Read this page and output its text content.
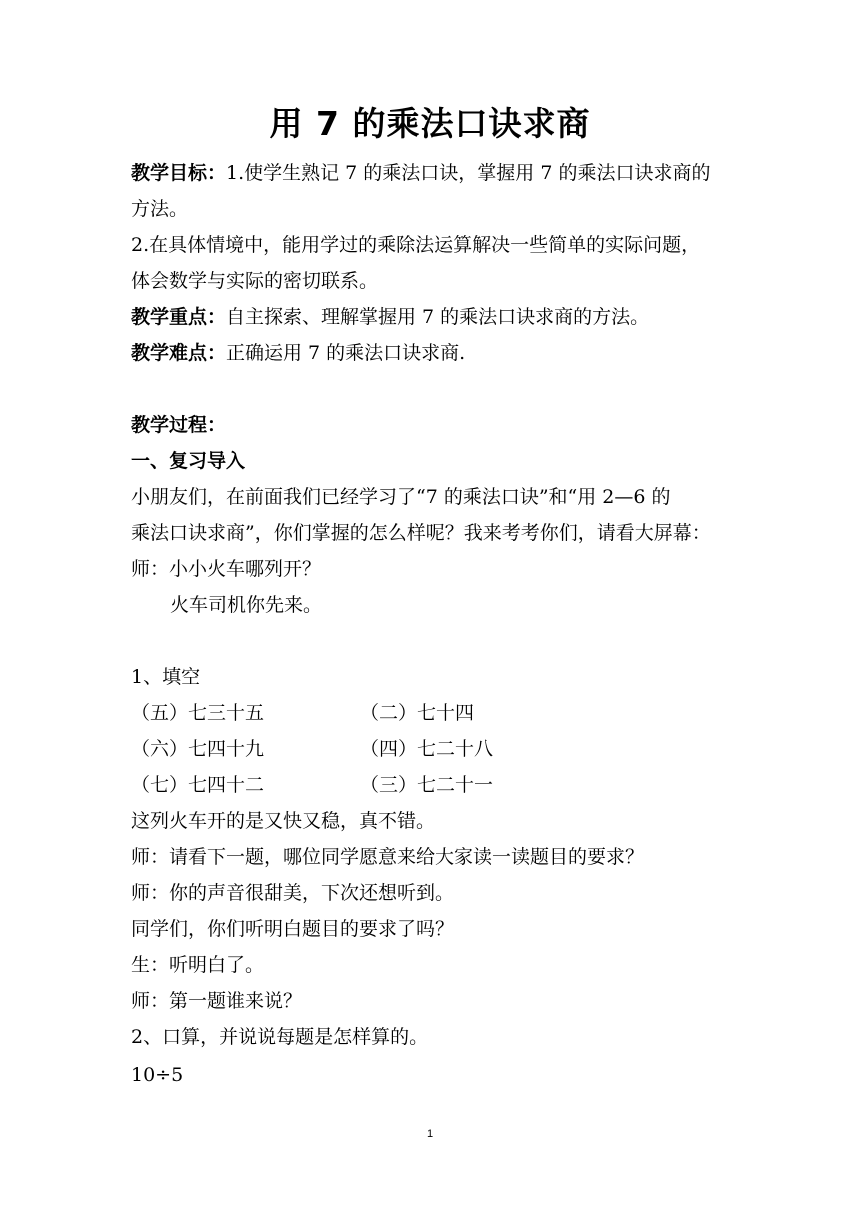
用 7 的乘法口诀求商
教学目标：1.使学生熟记 7 的乘法口诀，掌握用 7 的乘法口诀求商的
方法。
2.在具体情境中，能用学过的乘除法运算解决一些简单的实际问题，
体会数学与实际的密切联系。
教学重点：自主探索、理解掌握用 7 的乘法口诀求商的方法。
教学难点：正确运用 7 的乘法口诀求商.
教学过程：
一、复习导入
小朋友们，在前面我们已经学习了“7 的乘法口诀”和“用 2—6 的
乘法口诀求商”，你们掌握的怎么样呢？我来考考你们，请看大屏幕：
师：小小火车哪列开？
火车司机你先来。
1、填空
（五）七三十五	（二）七十四
（六）七四十九	（四）七二十八
（七）七四十二	（三）七二十一
这列火车开的是又快又稳，真不错。
师：请看下一题，哪位同学愿意来给大家读一读题目的要求？
师：你的声音很甜美，下次还想听到。
同学们，你们听明白题目的要求了吗？
生：听明白了。
师：第一题谁来说？
2、口算，并说说每题是怎样算的。
10÷5
1
